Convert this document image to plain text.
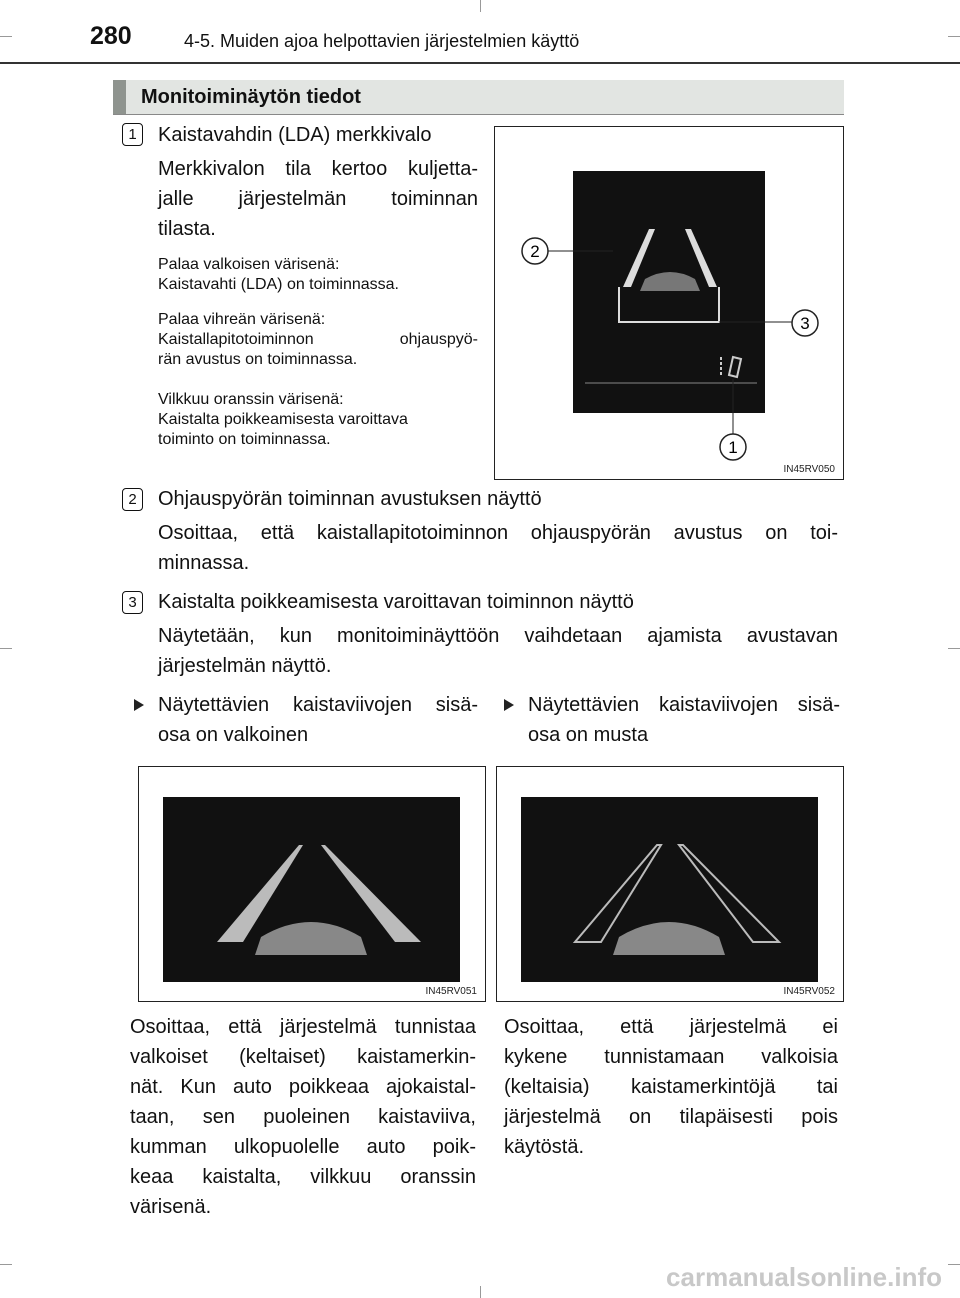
280	4-5. Muiden ajoa helpottavien järjestelmien käyttö
Monitoiminäytön tiedot
1	Kaistavahdin (LDA) merkkivalo
Merkkivalon tila kertoo kuljetta-
jalle järjestelmän toiminnan
tilasta.
Palaa valkoisen värisenä:
Kaistavahti (LDA) on toiminnassa.
Palaa vihreän värisenä:
Kaistallapitotoiminnon ohjauspyö-
rän avustus on toiminnassa.
Vilkkuu oranssin värisenä:
Kaistalta poikkeamisesta varoittava
toiminto on toiminnassa.
2
3
1
IN45RV050
2	Ohjauspyörän toiminnan avustuksen näyttö
Osoittaa, että kaistallapitotoiminnon ohjauspyörän avustus on toi-
minnassa.
3	Kaistalta poikkeamisesta varoittavan toiminnon näyttö
Näytetään, kun monitoiminäyttöön vaihdetaan ajamista avustavan
järjestelmän näyttö.
Näytettävien kaistaviivojen sisä-
osa on valkoinen
Näytettävien kaistaviivojen sisä-
osa on musta
IN45RV051	IN45RV052
Osoittaa, että järjestelmä tunnistaa
valkoiset (keltaiset) kaistamerkin-
nät. Kun auto poikkeaa ajokaistal-
taan, sen puoleinen kaistaviiva,
kumman ulkopuolelle auto poik-
keaa kaistalta, vilkkuu oranssin
värisenä.
Osoittaa, että järjestelmä ei
kykene tunnistamaan valkoisia
(keltaisia) kaistamerkintöjä tai
järjestelmä on tilapäisesti pois
käytöstä.
carmanualsonline.info
